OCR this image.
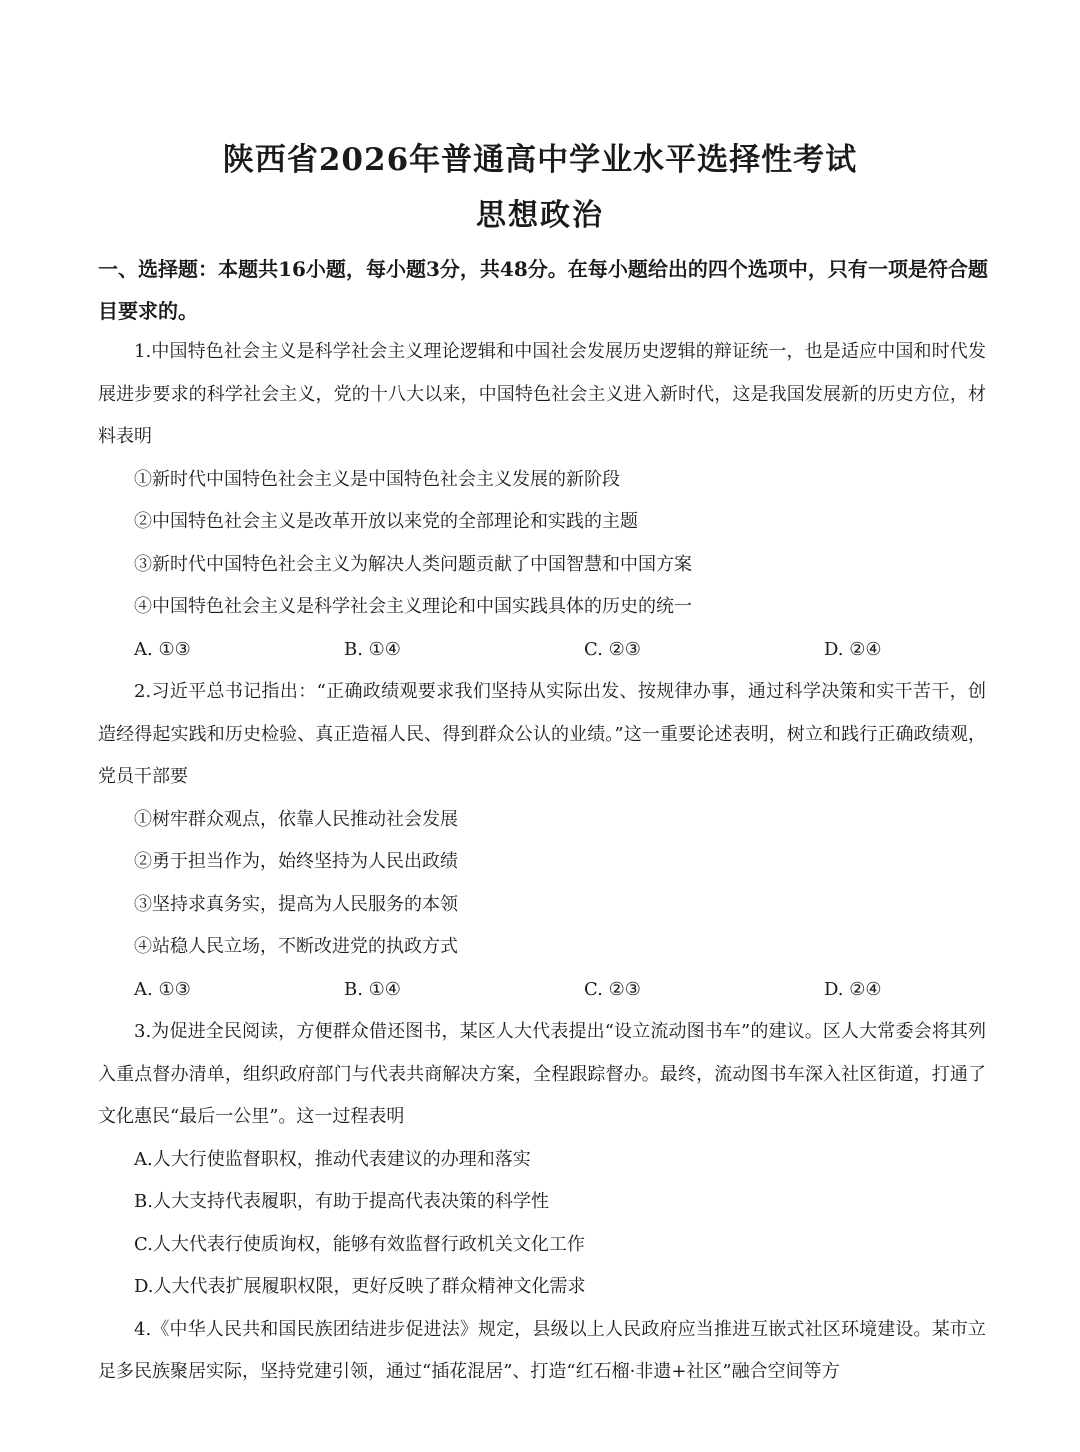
陕西省2026年普通高中学业水平选择性考试
思想政治
一、选择题：本题共16小题，每小题3分，共48分。在每小题给出的四个选项中，只有一项是符合题目要求的。

1.中国特色社会主义是科学社会主义理论逻辑和中国社会发展历史逻辑的辩证统一，也是适应中国和时代发展进步要求的科学社会主义，党的十八大以来，中国特色社会主义进入新时代，这是我国发展新的历史方位，材料表明

①新时代中国特色社会主义是中国特色社会主义发展的新阶段
②中国特色社会主义是改革开放以来党的全部理论和实践的主题
③新时代中国特色社会主义为解决人类问题贡献了中国智慧和中国方案
④中国特色社会主义是科学社会主义理论和中国实践具体的历史的统一
A. ①③	B. ①④	C. ②③	D. ②④

2.习近平总书记指出：“正确政绩观要求我们坚持从实际出发、按规律办事，通过科学决策和实干苦干，创造经得起实践和历史检验、真正造福人民、得到群众公认的业绩。”这一重要论述表明，树立和践行正确政绩观，党员干部要

①树牢群众观点，依靠人民推动社会发展
②勇于担当作为，始终坚持为人民出政绩
③坚持求真务实，提高为人民服务的本领
④站稳人民立场，不断改进党的执政方式
A. ①③	B. ①④	C. ②③	D. ②④

3.为促进全民阅读，方便群众借还图书，某区人大代表提出“设立流动图书车”的建议。区人大常委会将其列入重点督办清单，组织政府部门与代表共商解决方案，全程跟踪督办。最终，流动图书车深入社区街道，打通了文化惠民“最后一公里”。这一过程表明

A.人大行使监督职权，推动代表建议的办理和落实
B.人大支持代表履职，有助于提高代表决策的科学性
C.人大代表行使质询权，能够有效监督行政机关文化工作
D.人大代表扩展履职权限，更好反映了群众精神文化需求

4.《中华人民共和国民族团结进步促进法》规定，县级以上人民政府应当推进互嵌式社区环境建设。某市立足多民族聚居实际，坚持党建引领，通过“插花混居”、打造“红石榴·非遗+社区”融合空间等方
